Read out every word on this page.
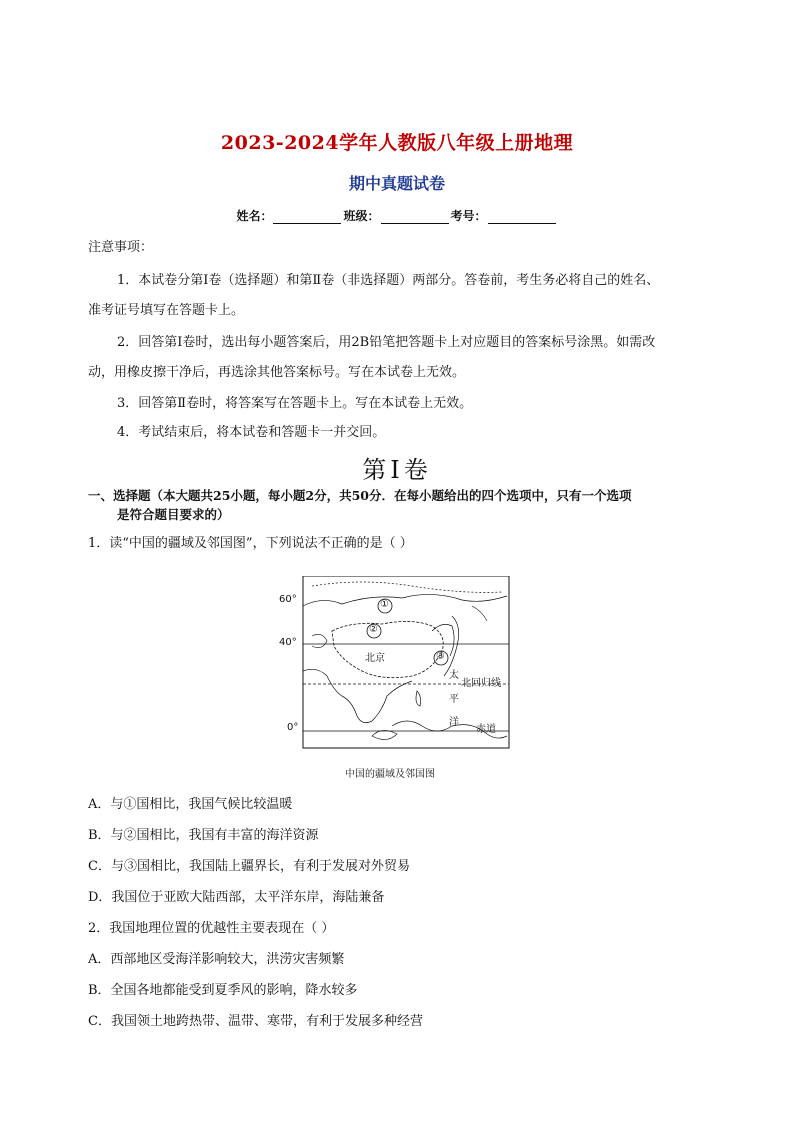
2023-2024学年人教版八年级上册地理
期中真题试卷
姓名：	班级：	考号：
注意事项：
1．本试卷分第Ⅰ卷（选择题）和第Ⅱ卷（非选择题）两部分。答卷前，考生务必将自己的姓名、
准考证号填写在答题卡上。
2．回答第Ⅰ卷时，选出每小题答案后，用2B铅笔把答题卡上对应题目的答案标号涂黑。如需改
动，用橡皮擦干净后，再选涂其他答案标号。写在本试卷上无效。
3．回答第Ⅱ卷时，将答案写在答题卡上。写在本试卷上无效。
4．考试结束后，将本试卷和答题卡一并交回。
第Ⅰ卷
一、选择题（本大题共25小题，每小题2分，共50分．在每小题给出的四个选项中，只有一个选项
是符合题目要求的）
1．读“中国的疆域及邻国图”，下列说法不正确的是（ ）
60°
40°
0°
①
②
③
北京
太
北回归线
平
洋
赤道
中国的疆域及邻国图
A．与①国相比，我国气候比较温暖
B．与②国相比，我国有丰富的海洋资源
C．与③国相比，我国陆上疆界长，有利于发展对外贸易
D．我国位于亚欧大陆西部，太平洋东岸，海陆兼备
2．我国地理位置的优越性主要表现在（ ）
A．西部地区受海洋影响较大，洪涝灾害频繁
B．全国各地都能受到夏季风的影响，降水较多
C．我国领土地跨热带、温带、寒带，有利于发展多种经营
